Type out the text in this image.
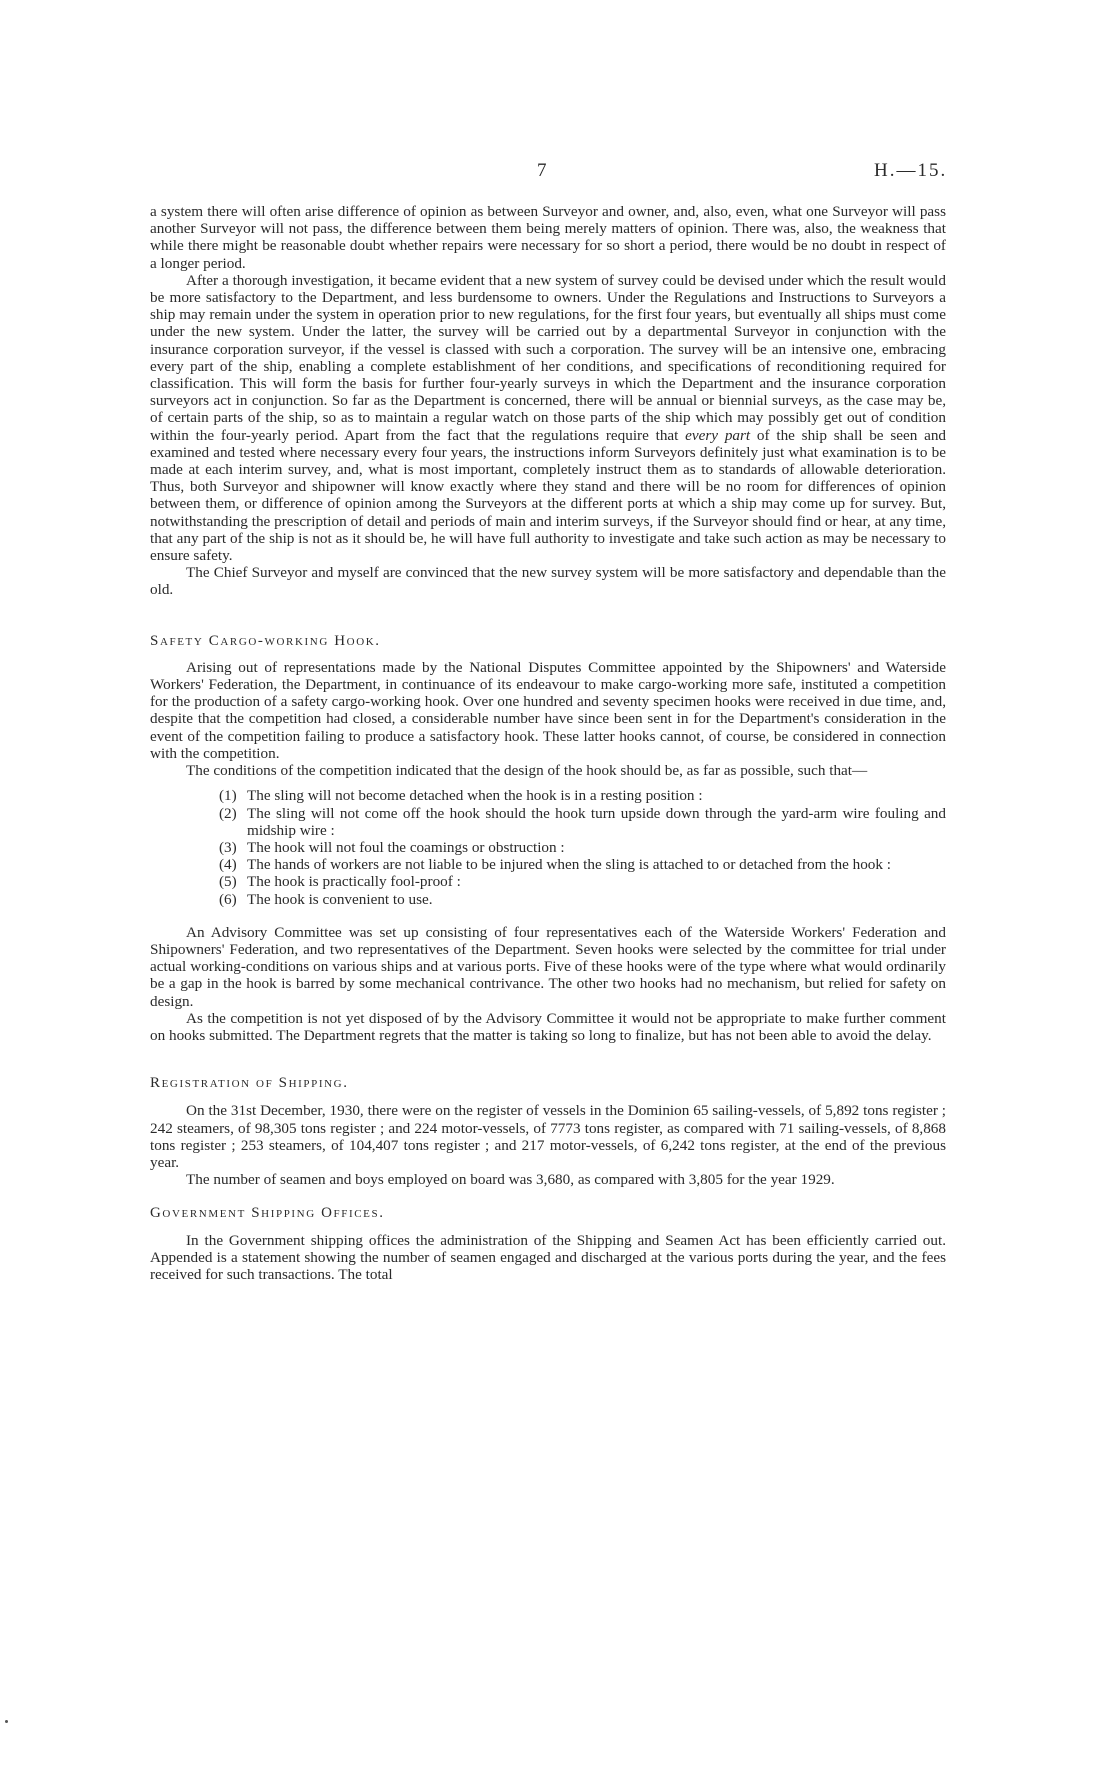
7	H.—15.

a system there will often arise difference of opinion as between Surveyor and owner, and, also, even, what one Surveyor will pass another Surveyor will not pass, the difference between them being merely matters of opinion. There was, also, the weakness that while there might be reasonable doubt whether repairs were necessary for so short a period, there would be no doubt in respect of a longer period.

After a thorough investigation, it became evident that a new system of survey could be devised under which the result would be more satisfactory to the Department, and less burdensome to owners. Under the Regulations and Instructions to Surveyors a ship may remain under the system in operation prior to new regulations, for the first four years, but eventually all ships must come under the new system. Under the latter, the survey will be carried out by a departmental Surveyor in conjunction with the insurance corporation surveyor, if the vessel is classed with such a corporation. The survey will be an intensive one, embracing every part of the ship, enabling a complete establishment of her conditions, and specifications of reconditioning required for classification. This will form the basis for further four-yearly surveys in which the Department and the insurance corporation surveyors act in conjunction. So far as the Department is concerned, there will be annual or biennial surveys, as the case may be, of certain parts of the ship, so as to maintain a regular watch on those parts of the ship which may possibly get out of condition within the four-yearly period. Apart from the fact that the regulations require that every part of the ship shall be seen and examined and tested where necessary every four years, the instructions inform Surveyors definitely just what examination is to be made at each interim survey, and, what is most important, completely instruct them as to standards of allowable deterioration. Thus, both Surveyor and shipowner will know exactly where they stand and there will be no room for differences of opinion between them, or difference of opinion among the Surveyors at the different ports at which a ship may come up for survey. But, notwithstanding the prescription of detail and periods of main and interim surveys, if the Surveyor should find or hear, at any time, that any part of the ship is not as it should be, he will have full authority to investigate and take such action as may be necessary to ensure safety.

The Chief Surveyor and myself are convinced that the new survey system will be more satisfactory and dependable than the old.

Safety Cargo-working Hook.

Arising out of representations made by the National Disputes Committee appointed by the Shipowners' and Waterside Workers' Federation, the Department, in continuance of its endeavour to make cargo-working more safe, instituted a competition for the production of a safety cargo-working hook. Over one hundred and seventy specimen hooks were received in due time, and, despite that the competition had closed, a considerable number have since been sent in for the Department's consideration in the event of the competition failing to produce a satisfactory hook. These latter hooks cannot, of course, be considered in connection with the competition.

The conditions of the competition indicated that the design of the hook should be, as far as possible, such that—

(1) The sling will not become detached when the hook is in a resting position :
(2) The sling will not come off the hook should the hook turn upside down through the yard-arm wire fouling and midship wire :
(3) The hook will not foul the coamings or obstruction :
(4) The hands of workers are not liable to be injured when the sling is attached to or detached from the hook :
(5) The hook is practically fool-proof :
(6) The hook is convenient to use.

An Advisory Committee was set up consisting of four representatives each of the Waterside Workers' Federation and Shipowners' Federation, and two representatives of the Department. Seven hooks were selected by the committee for trial under actual working-conditions on various ships and at various ports. Five of these hooks were of the type where what would ordinarily be a gap in the hook is barred by some mechanical contrivance. The other two hooks had no mechanism, but relied for safety on design.

As the competition is not yet disposed of by the Advisory Committee it would not be appropriate to make further comment on hooks submitted. The Department regrets that the matter is taking so long to finalize, but has not been able to avoid the delay.

Registration of Shipping.

On the 31st December, 1930, there were on the register of vessels in the Dominion 65 sailing-vessels, of 5,892 tons register ; 242 steamers, of 98,305 tons register ; and 224 motor-vessels, of 7773 tons register, as compared with 71 sailing-vessels, of 8,868 tons register ; 253 steamers, of 104,407 tons register ; and 217 motor-vessels, of 6,242 tons register, at the end of the previous year.

The number of seamen and boys employed on board was 3,680, as compared with 3,805 for the year 1929.

Government Shipping Offices.

In the Government shipping offices the administration of the Shipping and Seamen Act has been efficiently carried out. Appended is a statement showing the number of seamen engaged and discharged at the various ports during the year, and the fees received for such transactions. The total
